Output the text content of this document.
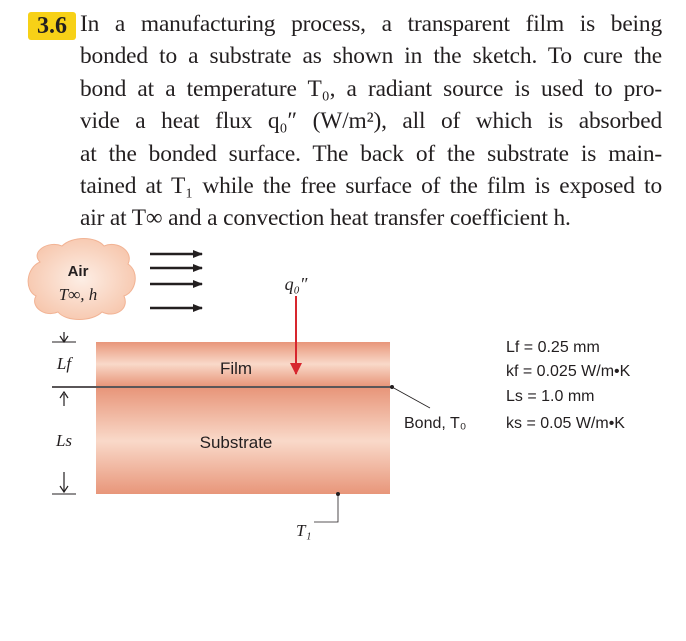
3.6 In a manufacturing process, a transparent film is being
bonded to a substrate as shown in the sketch. To cure the
bond at a temperature T₀, a radiant source is used to pro-
vide a heat flux q₀″ (W/m²), all of which is absorbed
at the bonded surface. The back of the substrate is main-
tained at T₁ while the free surface of the film is exposed to
air at T∞ and a convection heat transfer coefficient h.
Air
T∞, h
Film
Substrate
Bond, T₀
q₀″
Lf
Ls
T₁
Lf = 0.25 mm
kf = 0.025 W/m•K
Ls = 1.0 mm
ks = 0.05 W/m•K
